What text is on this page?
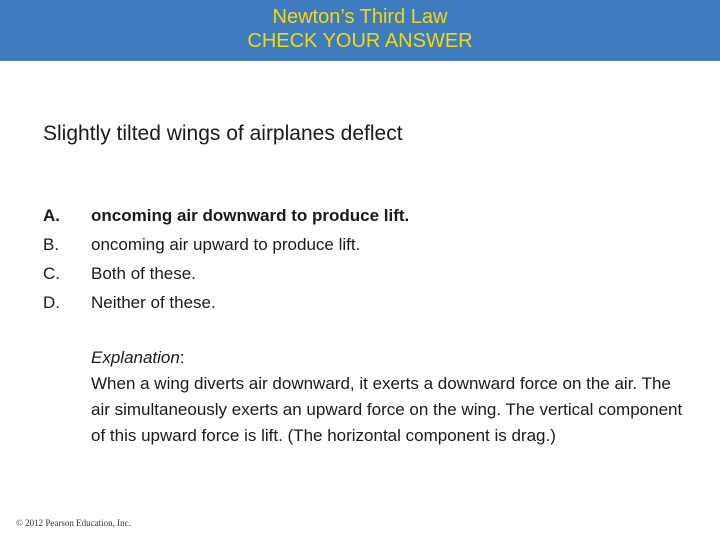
Newton’s Third Law
CHECK YOUR ANSWER
Slightly tilted wings of airplanes deflect
A.	oncoming air downward to produce lift.
B.	oncoming air upward to produce lift.
C.	Both of these.
D.	Neither of these.
Explanation:
When a wing diverts air downward, it exerts a downward force on the air. The air simultaneously exerts an upward force on the wing. The vertical component of this upward force is lift. (The horizontal component is drag.)
© 2012 Pearson Education, Inc.
